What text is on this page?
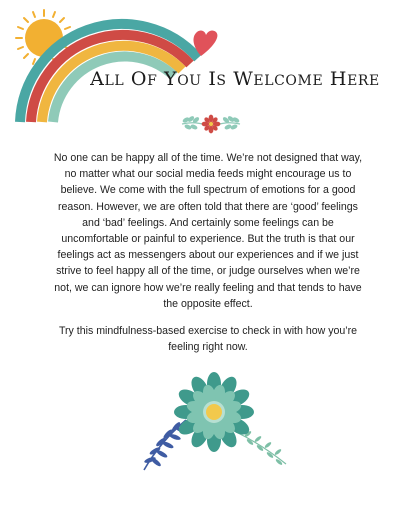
ALL OF YOU IS WELCOME HERE

No one can be happy all of the time. We’re not designed that way, no matter what our social media feeds might encourage us to believe. We come with the full spectrum of emotions for a good reason. However, we are often told that there are ‘good’ feelings and ‘bad’ feelings. And certainly some feelings can be uncomfortable or painful to experience. But the truth is that our feelings act as messengers about our experiences and if we just strive to feel happy all of the time, or judge ourselves when we’re not, we can ignore how we’re really feeling and that tends to have the opposite effect.

Try this mindfulness-based exercise to check in with how you’re feeling right now.
